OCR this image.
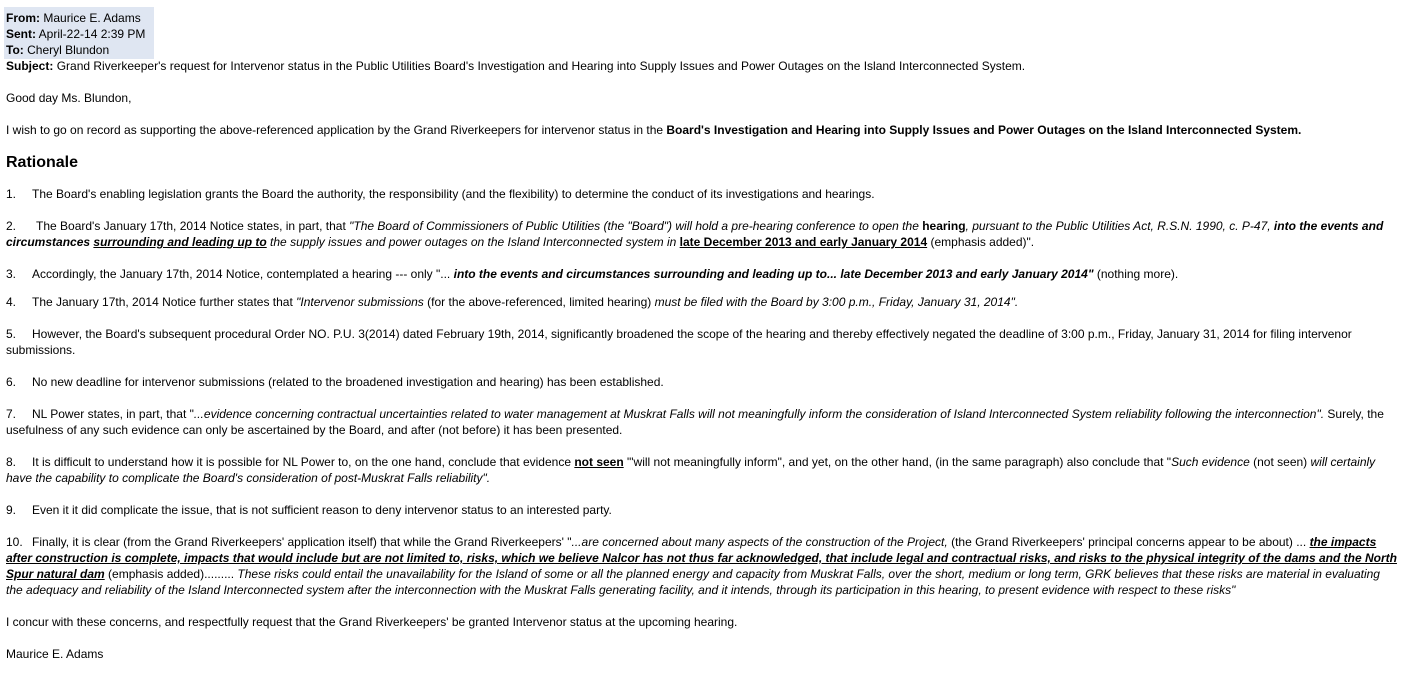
From: Maurice E. Adams
Sent: April-22-14 2:39 PM
To: Cheryl Blundon
Subject: Grand Riverkeeper's request for Intervenor status in the Public Utilities Board's Investigation and Hearing into Supply Issues and Power Outages on the Island Interconnected System.

Good day Ms. Blundon,

I wish to go on record as supporting the above-referenced application by the Grand Riverkeepers for intervenor status in the Board's Investigation and Hearing into Supply Issues and Power Outages on the Island Interconnected System.

Rationale

1. The Board's enabling legislation grants the Board the authority, the responsibility (and the flexibility) to determine the conduct of its investigations and hearings.

2. The Board's January 17th, 2014 Notice states, in part, that "The Board of Commissioners of Public Utilities (the "Board") will hold a pre-hearing conference to open the hearing, pursuant to the Public Utilities Act, R.S.N. 1990, c. P-47, into the events and circumstances surrounding and leading up to the supply issues and power outages on the Island Interconnected system in late December 2013 and early January 2014 (emphasis added)".

3. Accordingly, the January 17th, 2014 Notice, contemplated a hearing --- only "... into the events and circumstances surrounding and leading up to... late December 2013 and early January 2014" (nothing more).

4. The January 17th, 2014 Notice further states that "Intervenor submissions (for the above-referenced, limited hearing) must be filed with the Board by 3:00 p.m., Friday, January 31, 2014".

5. However, the Board's subsequent procedural Order NO. P.U. 3(2014) dated February 19th, 2014, significantly broadened the scope of the hearing and thereby effectively negated the deadline of 3:00 p.m., Friday, January 31, 2014 for filing intervenor submissions.

6. No new deadline for intervenor submissions (related to the broadened investigation and hearing) has been established.

7. NL Power states, in part, that "...evidence concerning contractual uncertainties related to water management at Muskrat Falls will not meaningfully inform the consideration of Island Interconnected System reliability following the interconnection". Surely, the usefulness of any such evidence can only be ascertained by the Board, and after (not before) it has been presented.

8. It is difficult to understand how it is possible for NL Power to, on the one hand, conclude that evidence not seen "'will not meaningfully inform", and yet, on the other hand, (in the same paragraph) also conclude that "Such evidence (not seen) will certainly have the capability to complicate the Board's consideration of post-Muskrat Falls reliability".

9. Even it it did complicate the issue, that is not sufficient reason to deny intervenor status to an interested party.

10. Finally, it is clear (from the Grand Riverkeepers' application itself) that while the Grand Riverkeepers' "...are concerned about many aspects of the construction of the Project, (the Grand Riverkeepers' principal concerns appear to be about) ... the impacts after construction is complete, impacts that would include but are not limited to, risks, which we believe Nalcor has not thus far acknowledged, that include legal and contractual risks, and risks to the physical integrity of the dams and the North Spur natural dam (emphasis added)......... These risks could entail the unavailability for the Island of some or all the planned energy and capacity from Muskrat Falls, over the short, medium or long term, GRK believes that these risks are material in evaluating the adequacy and reliability of the Island Interconnected system after the interconnection with the Muskrat Falls generating facility, and it intends, through its participation in this hearing, to present evidence with respect to these risks"

I concur with these concerns, and respectfully request that the Grand Riverkeepers' be granted Intervenor status at the upcoming hearing.

Maurice E. Adams
